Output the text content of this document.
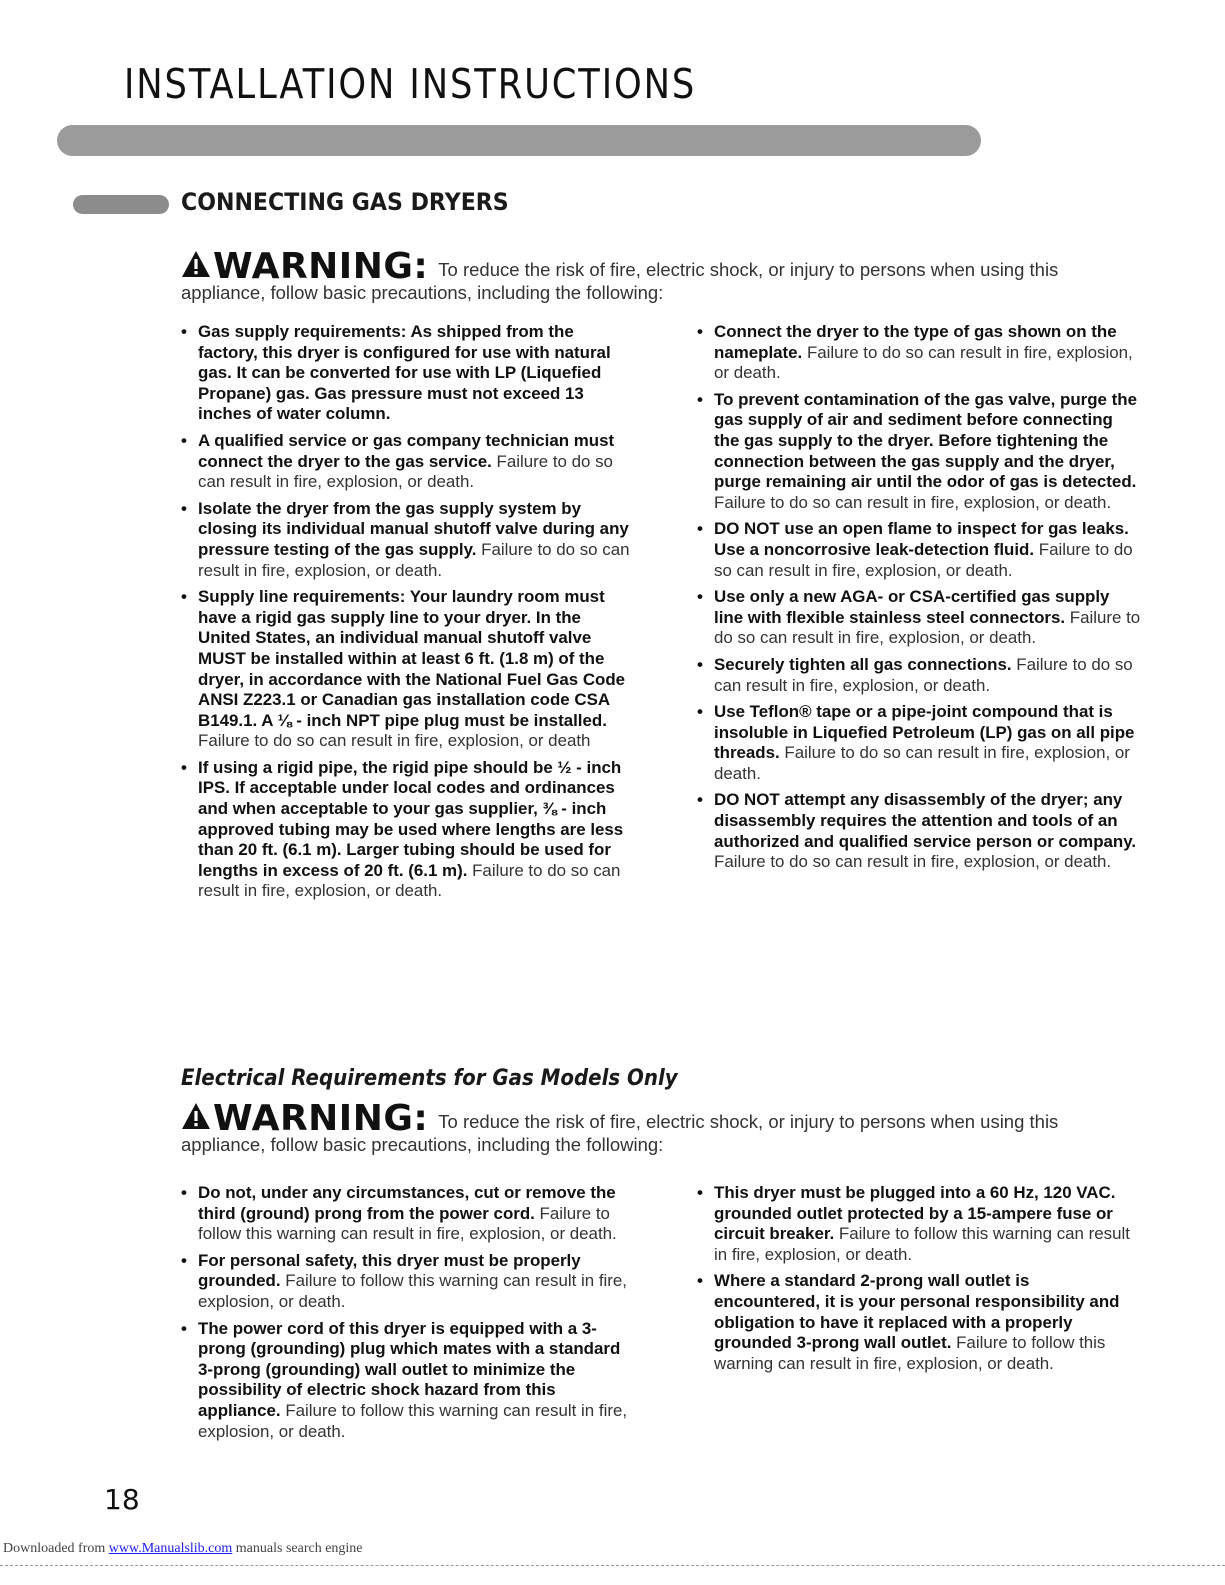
INSTALLATION INSTRUCTIONS
CONNECTING GAS DRYERS
WARNING: To reduce the risk of fire, electric shock, or injury to persons when using this
appliance, follow basic precautions, including the following:
• Gas supply requirements: As shipped from the factory, this dryer is configured for use with natural gas. It can be converted for use with LP (Liquefied Propane) gas. Gas pressure must not exceed 13 inches of water column.
• A qualified service or gas company technician must connect the dryer to the gas service. Failure to do so can result in fire, explosion, or death.
• Isolate the dryer from the gas supply system by closing its individual manual shutoff valve during any pressure testing of the gas supply. Failure to do so can result in fire, explosion, or death.
• Supply line requirements: Your laundry room must have a rigid gas supply line to your dryer. In the United States, an individual manual shutoff valve MUST be installed within at least 6 ft. (1.8 m) of the dryer, in accordance with the National Fuel Gas Code ANSI Z223.1 or Canadian gas installation code CSA B149.1. A ⅛ - inch NPT pipe plug must be installed. Failure to do so can result in fire, explosion, or death
• If using a rigid pipe, the rigid pipe should be ½ - inch IPS. If acceptable under local codes and ordinances and when acceptable to your gas supplier, ⅜ - inch approved tubing may be used where lengths are less than 20 ft. (6.1 m). Larger tubing should be used for lengths in excess of 20 ft. (6.1 m). Failure to do so can result in fire, explosion, or death.
• Connect the dryer to the type of gas shown on the nameplate. Failure to do so can result in fire, explosion, or death.
• To prevent contamination of the gas valve, purge the gas supply of air and sediment before connecting the gas supply to the dryer. Before tightening the connection between the gas supply and the dryer, purge remaining air until the odor of gas is detected. Failure to do so can result in fire, explosion, or death.
• DO NOT use an open flame to inspect for gas leaks. Use a noncorrosive leak-detection fluid. Failure to do so can result in fire, explosion, or death.
• Use only a new AGA- or CSA-certified gas supply line with flexible stainless steel connectors. Failure to do so can result in fire, explosion, or death.
• Securely tighten all gas connections. Failure to do so can result in fire, explosion, or death.
• Use Teflon® tape or a pipe-joint compound that is insoluble in Liquefied Petroleum (LP) gas on all pipe threads. Failure to do so can result in fire, explosion, or death.
• DO NOT attempt any disassembly of the dryer; any disassembly requires the attention and tools of an authorized and qualified service person or company. Failure to do so can result in fire, explosion, or death.
Electrical Requirements for Gas Models Only
WARNING: To reduce the risk of fire, electric shock, or injury to persons when using this
appliance, follow basic precautions, including the following:
• Do not, under any circumstances, cut or remove the third (ground) prong from the power cord. Failure to follow this warning can result in fire, explosion, or death.
• For personal safety, this dryer must be properly grounded. Failure to follow this warning can result in fire, explosion, or death.
• The power cord of this dryer is equipped with a 3-prong (grounding) plug which mates with a standard 3-prong (grounding) wall outlet to minimize the possibility of electric shock hazard from this appliance. Failure to follow this warning can result in fire, explosion, or death.
• This dryer must be plugged into a 60 Hz, 120 VAC. grounded outlet protected by a 15-ampere fuse or circuit breaker. Failure to follow this warning can result in fire, explosion, or death.
• Where a standard 2-prong wall outlet is encountered, it is your personal responsibility and obligation to have it replaced with a properly grounded 3-prong wall outlet. Failure to follow this warning can result in fire, explosion, or death.
18
Downloaded from www.Manualslib.com manuals search engine
